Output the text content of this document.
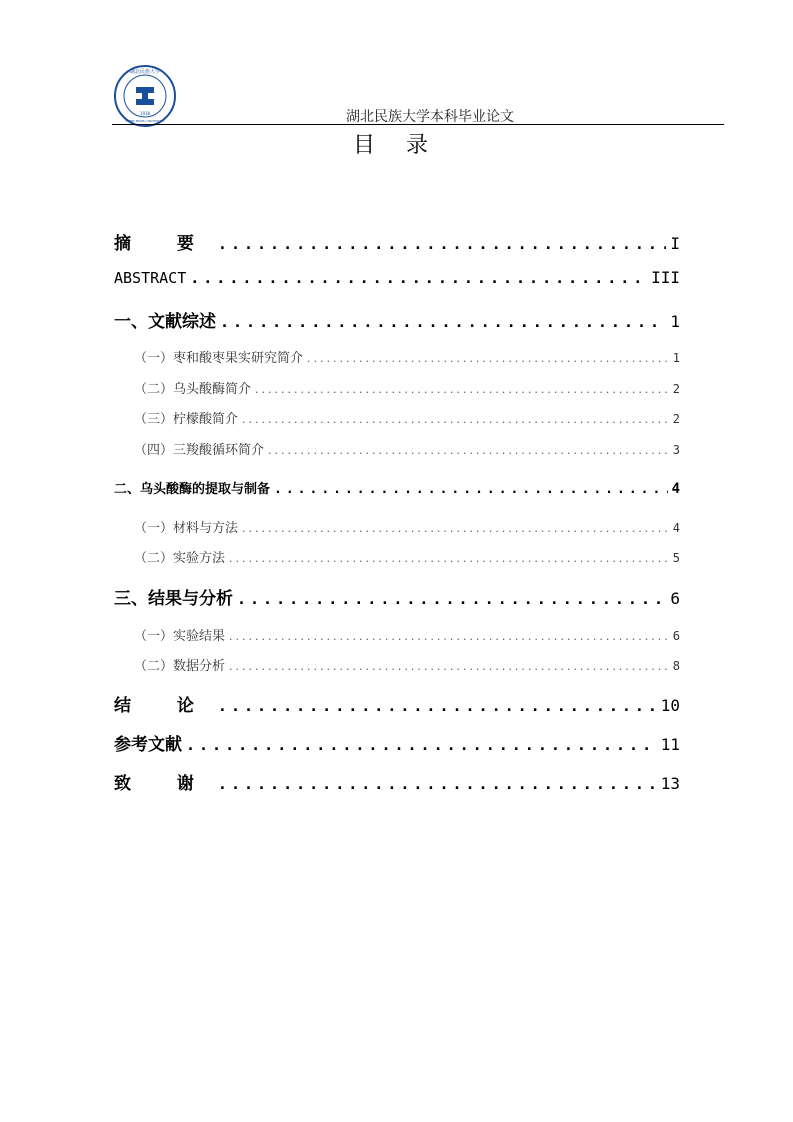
湖北民族大学
1938
HUBEI MINZU UNIVERSITY	湖北民族大学本科毕业论文
目 录
摘 要 .....	I
ABSTRACT .....	III
一、文献综述 .....	1
（一）枣和酸枣果实研究简介 .....	1
（二）乌头酸酶简介 .....	2
（三）柠檬酸简介 .....	2
（四）三羧酸循环简介 .....	3
二、乌头酸酶的提取与制备 .....	4
（一）材料与方法 .....	4
（二）实验方法 .....	5
三、结果与分析 .....	6
（一）实验结果 .....	6
（二）数据分析 .....	8
结 论 .....	10
参考文献 .....	11
致 谢 .....	13
